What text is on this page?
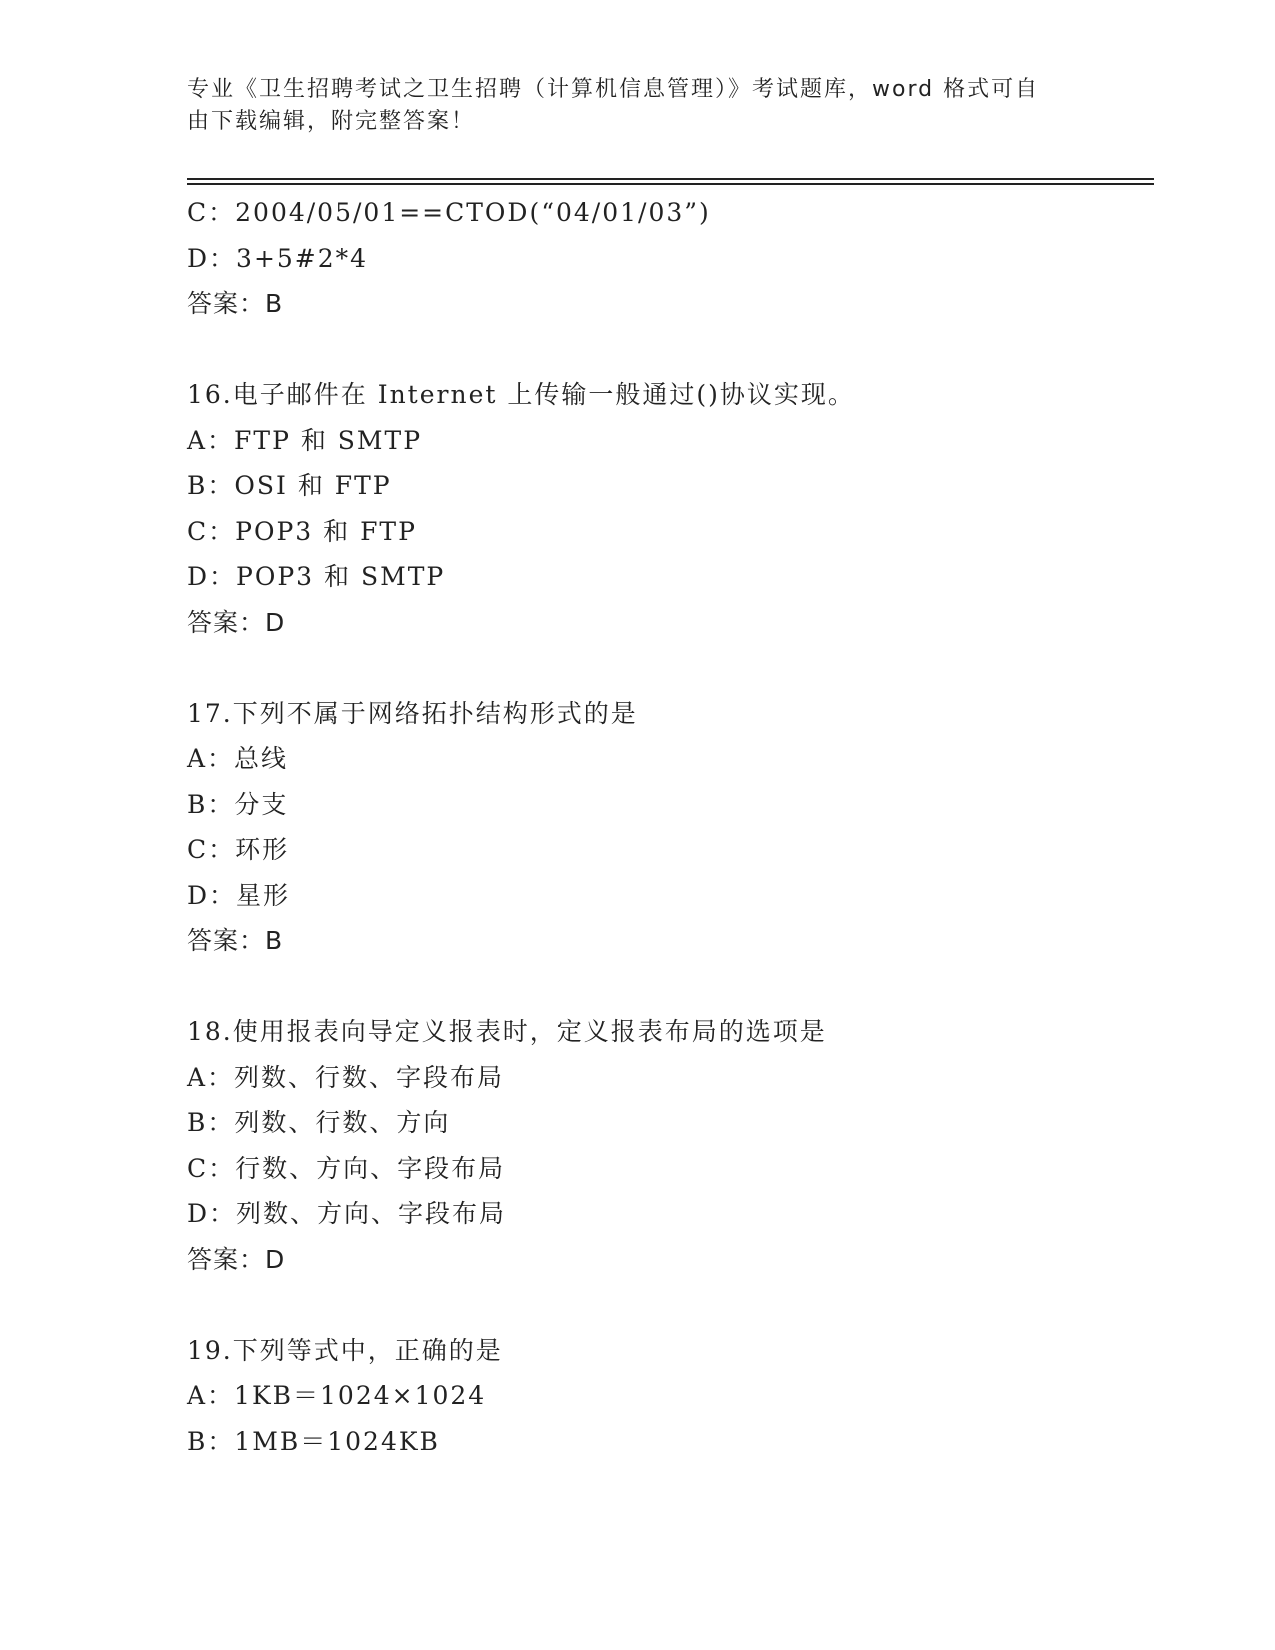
专业《卫生招聘考试之卫生招聘（计算机信息管理）》考试题库，word 格式可自
由下载编辑，附完整答案！
C：2004/05/01==CTOD(“04/01/03”)
D：3+5#2*4
答案：B
16.电子邮件在 Internet 上传输一般通过()协议实现。
A：FTP 和 SMTP
B：OSI 和 FTP
C：POP3 和 FTP
D：POP3 和 SMTP
答案：D
17.下列不属于网络拓扑结构形式的是
A：总线
B：分支
C：环形
D：星形
答案：B
18.使用报表向导定义报表时，定义报表布局的选项是
A：列数、行数、字段布局
B：列数、行数、方向
C：行数、方向、字段布局
D：列数、方向、字段布局
答案：D
19.下列等式中，正确的是
A：1KB＝1024×1024
B：1MB＝1024KB
